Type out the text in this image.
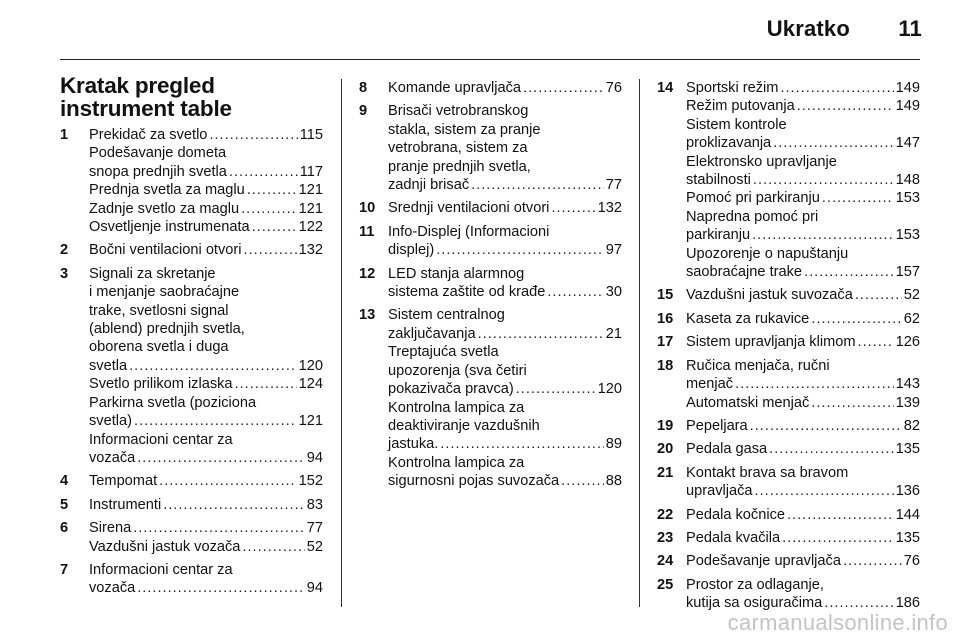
Ukratko 11
Kratak pregled instrument table
1 Prekidač za svetlo .....	115
Podešavanje dometa
snopa prednjih svetla .....	117
Prednja svetla za maglu .....	121
Zadnje svetlo za maglu .....	121
Osvetljenje instrumenata .....	122
2 Bočni ventilacioni otvori .....	132
3 Signali za skretanje
i menjanje saobraćajne
trake, svetlosni signal
(ablend) prednjih svetla,
oborena svetla i duga
svetla .....	120
Svetlo prilikom izlaska .....	124
Parkirna svetla (poziciona
svetla) .....	121
Informacioni centar za
vozača .....	94
4 Tempomat .....	152
5 Instrumenti .....	83
6 Sirena .....	77
Vazdušni jastuk vozača .....	52
7 Informacioni centar za
vozača .....	94
8 Komande upravljača .....	76
9 Brisači vetrobranskog
stakla, sistem za pranje
vetrobrana, sistem za
pranje prednjih svetla,
zadnji brisač .....	77
10 Srednji ventilacioni otvori .....	132
11 Info-Displej (Informacioni
displej) .....	97
12 LED stanja alarmnog
sistema zaštite od krađe .....	30
13 Sistem centralnog
zaključavanja .....	21
Treptajuća svetla
upozorenja (sva četiri
pokazivača pravca) .....	120
Kontrolna lampica za
deaktiviranje vazdušnih
jastuka. .....	89
Kontrolna lampica za
sigurnosni pojas suvozača .....	88
14 Sportski režim .....	149
Režim putovanja .....	149
Sistem kontrole
proklizavanja .....	147
Elektronsko upravljanje
stabilnosti .....	148
Pomoć pri parkiranju .....	153
Napredna pomoć pri
parkiranju .....	153
Upozorenje o napuštanju
saobraćajne trake .....	157
15 Vazdušni jastuk suvozača .....	52
16 Kaseta za rukavice .....	62
17 Sistem upravljanja klimom .....	126
18 Ručica menjača, ručni
menjač .....	143
Automatski menjač .....	139
19 Pepeljara .....	82
20 Pedala gasa .....	135
21 Kontakt brava sa bravom
upravljača .....	136
22 Pedala kočnice .....	144
23 Pedala kvačila .....	135
24 Podešavanje upravljača .....	76
25 Prostor za odlaganje,
kutija sa osiguračima .....	186
carmanualsonline.info
